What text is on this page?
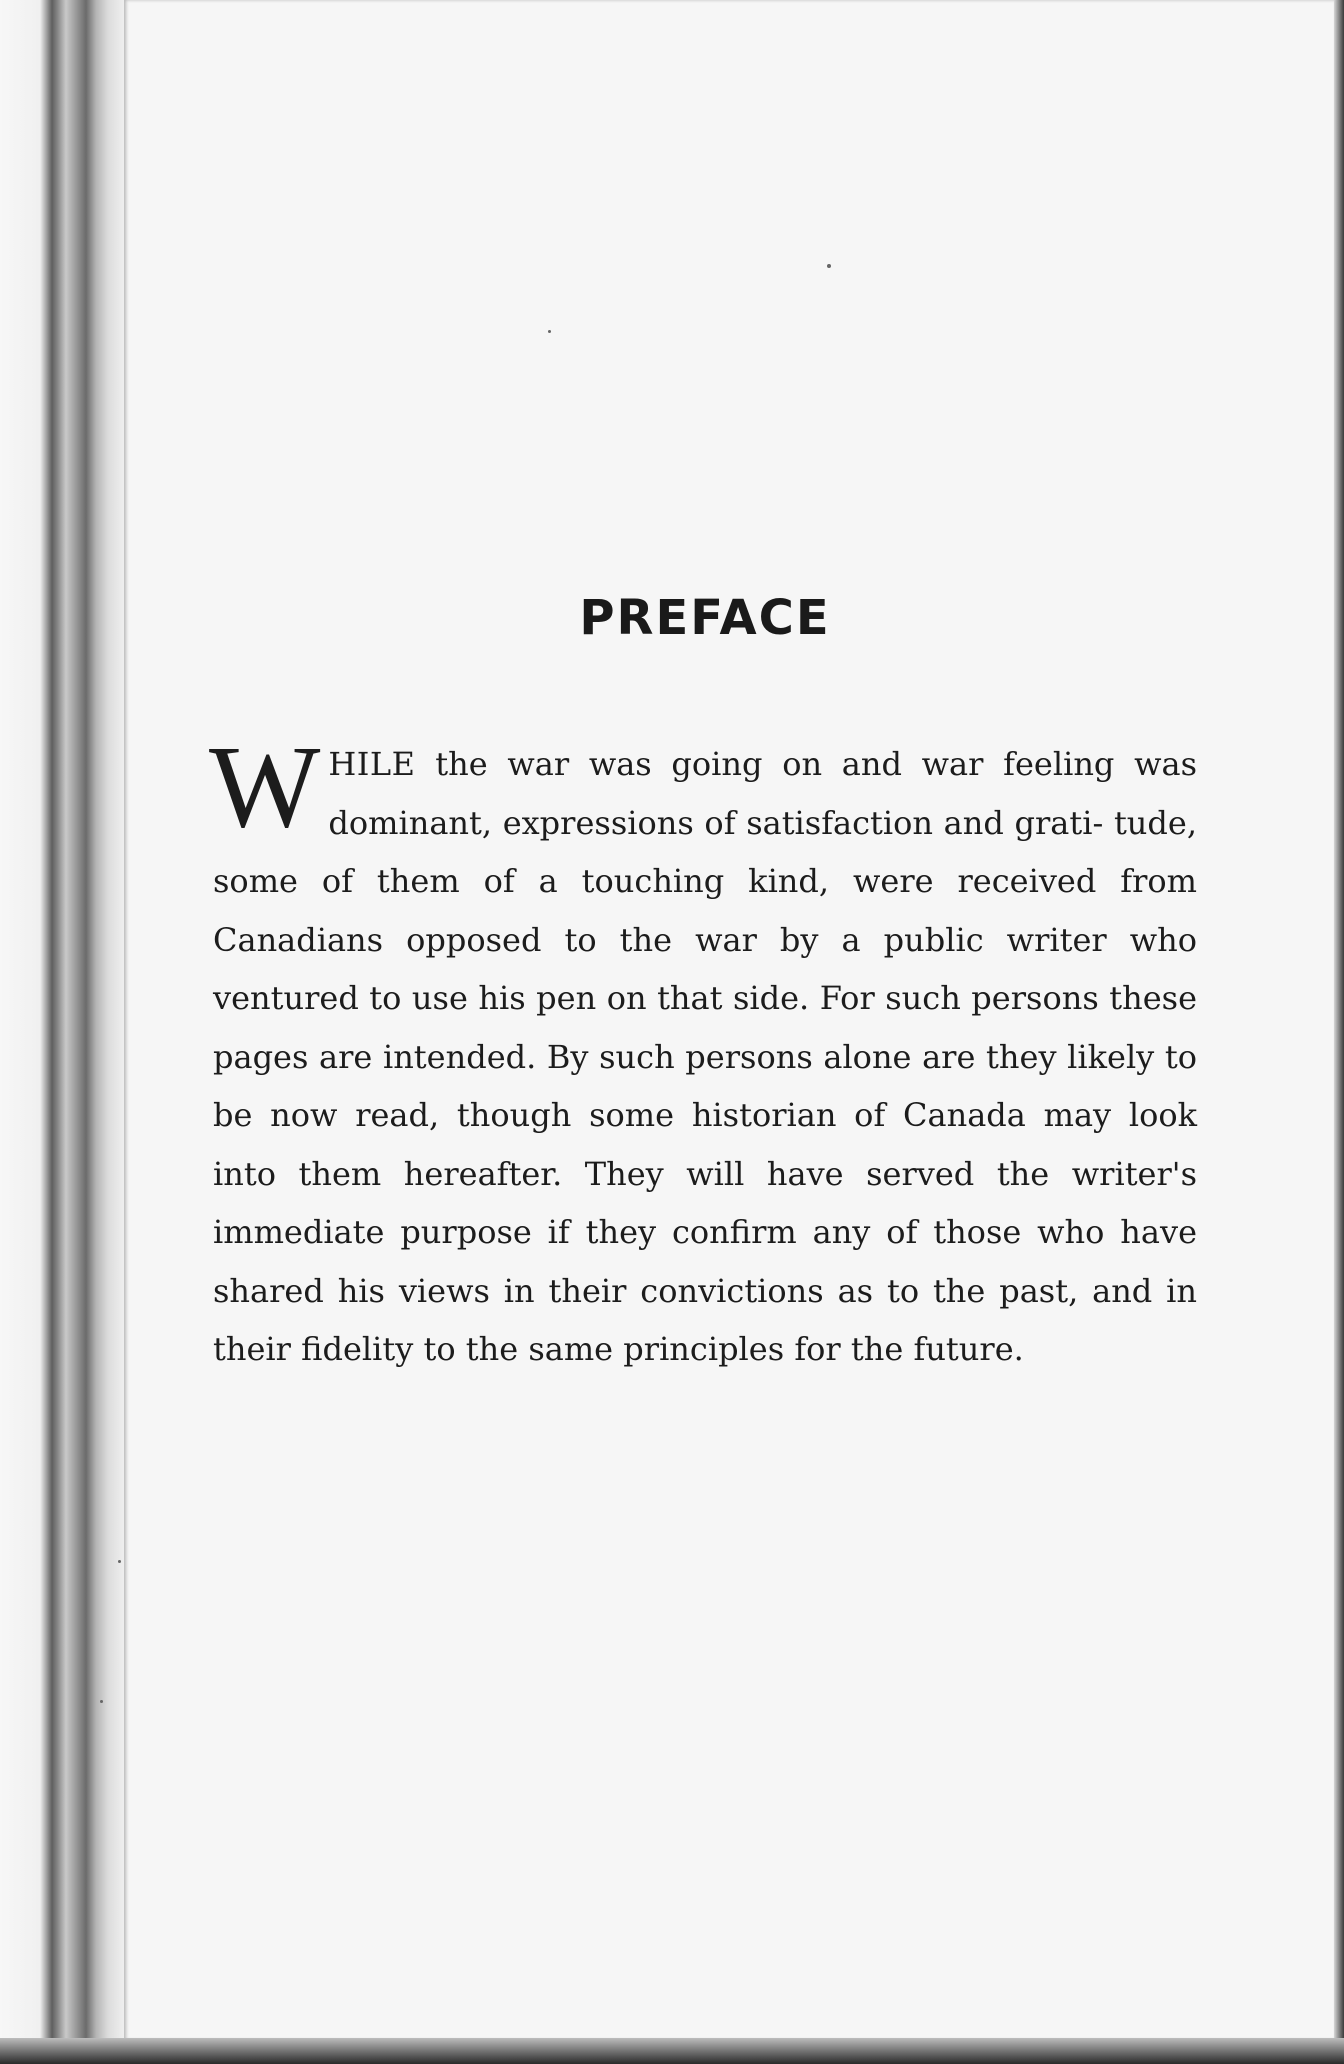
PREFACE

W HILE the war was going on and war feeling was dominant, expressions of satisfaction and grati- tude, some of them of a touching kind, were received from Canadians opposed to the war by a public writer who ventured to use his pen on that side. For such persons these pages are intended. By such persons alone are they likely to be now read, though some historian of Canada may look into them hereafter. They will have served the writer's immediate purpose if they confirm any of those who have shared his views in their convictions as to the past, and in their fidelity to the same principles for the future.
